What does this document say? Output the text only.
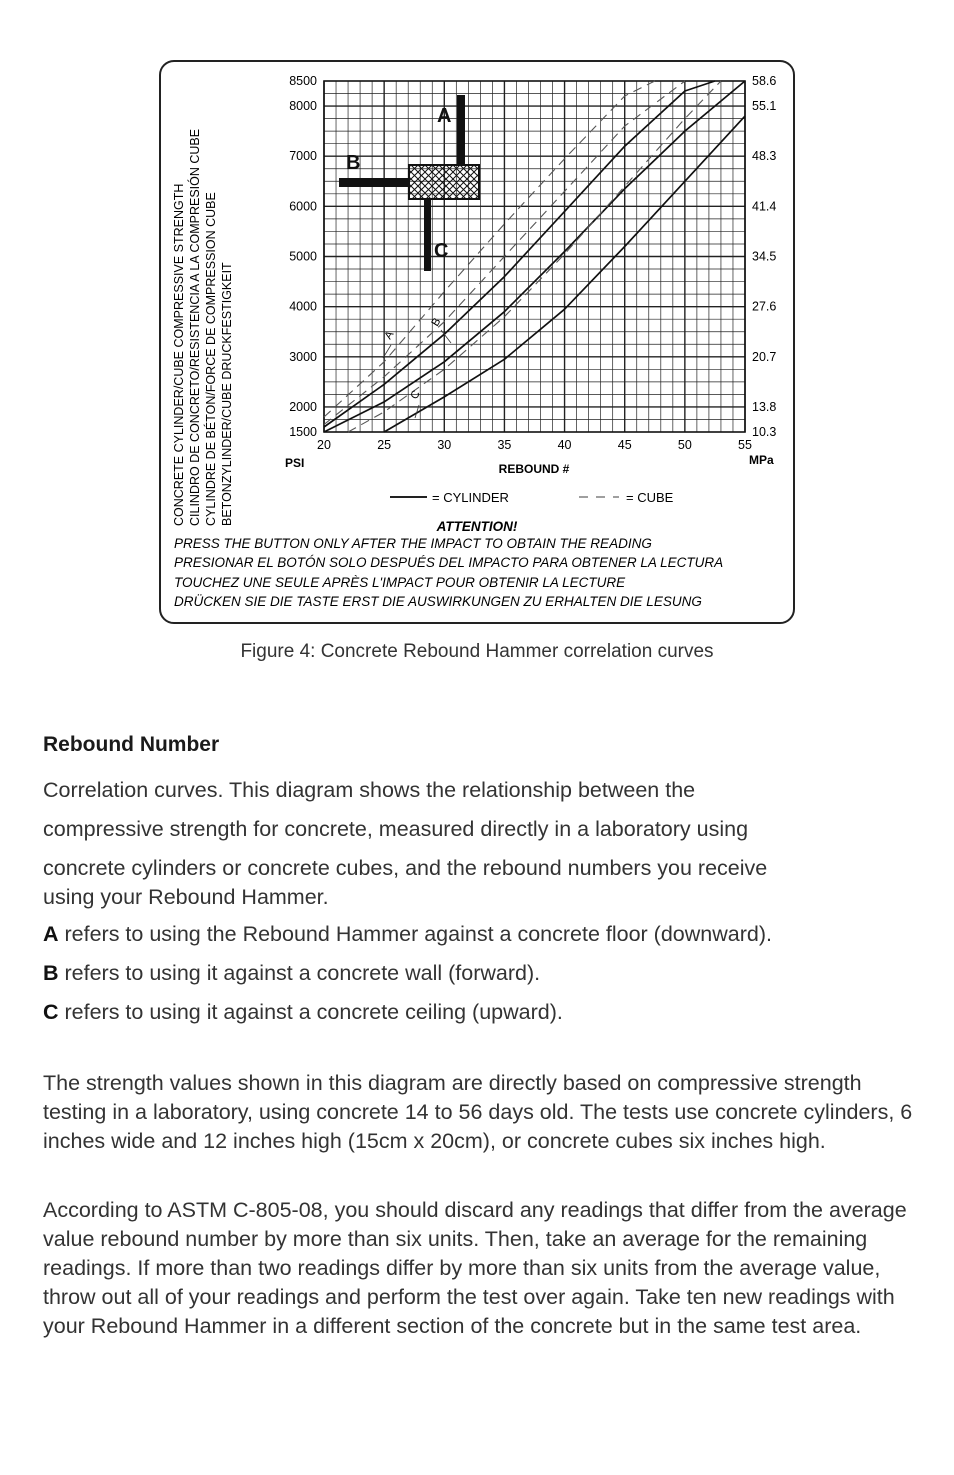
CONCRETE CYLINDER/CUBE COMPRESSIVE STRENGTH CILINDRO DE CONCRETO/RESISTENCIA A LA COMPRESIÓN CUBE CYLINDRE DE BÉTON/FORCE DE COMPRESSION CUBE BETONZYLINDER/CUBE DRUCKFESTIGKEIT	1500
2000
3000
4000
5000
6000
7000
8000
8500
10.3
13.8
20.7
27.6
34.5
41.4
48.3
55.1
58.6
20	25	30	35	40	45	50	55
A
B
C
A
B
C
PSI	MPa
REBOUND #
= CYLINDER	= CUBE
ATTENTION!
PRESS THE BUTTON ONLY AFTER THE IMPACT TO OBTAIN THE READING
PRESIONAR EL BOTÓN SOLO DESPUÉS DEL IMPACTO PARA OBTENER LA LECTURA
TOUCHEZ UNE SEULE APRÈS L'IMPACT POUR OBTENIR LA LECTURE
DRÜCKEN SIE DIE TASTE ERST DIE AUSWIRKUNGEN ZU ERHALTEN DIE LESUNG
Figure 4: Concrete Rebound Hammer correlation curves
Rebound Number
Correlation curves. This diagram shows the relationship between the
compressive strength for concrete, measured directly in a laboratory using
concrete cylinders or concrete cubes, and the rebound numbers you receive
using your Rebound Hammer.
A refers to using the Rebound Hammer against a concrete floor (downward).
B refers to using it against a concrete wall (forward).
C refers to using it against a concrete ceiling (upward).

The strength values shown in this diagram are directly based on compressive strength testing in a laboratory, using concrete 14 to 56 days old. The tests use concrete cylinders, 6 inches wide and 12 inches high (15cm x 20cm), or concrete cubes six inches high.

According to ASTM C-805-08, you should discard any readings that differ from the average value rebound number by more than six units. Then, take an average for the remaining readings. If more than two readings differ by more than six units from the average value, throw out all of your readings and perform the test over again. Take ten new readings with your Rebound Hammer in a different section of the concrete but in the same test area.
